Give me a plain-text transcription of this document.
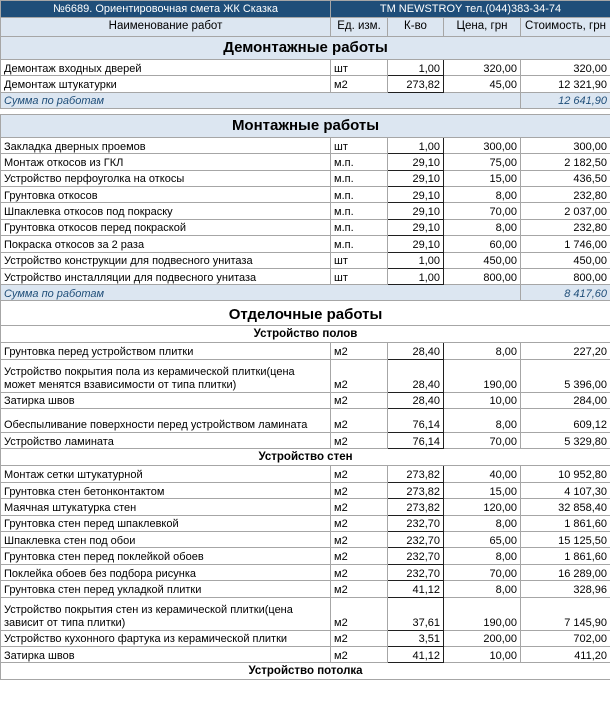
№6689. Ориентировочная смета ЖК Сказка	TM NEWSTROY тел.(044)383-34-74			
Наименование работ	Ед. изм.	К-во	Цена, грн	Стоимость, грн
Демонтажные работы				
Демонтаж входных дверей	шт	1,00	320,00	320,00
Демонтаж штукатурки	м2	273,82	45,00	12 321,90
Сумма по работам				12 641,90

Монтажные работы				
Закладка дверных проемов	шт	1,00	300,00	300,00
Монтаж откосов из ГКЛ	м.п.	29,10	75,00	2 182,50
Устройство перфоуголка на откосы	м.п.	29,10	15,00	436,50
Грунтовка откосов	м.п.	29,10	8,00	232,80
Шпаклевка откосов под покраску	м.п.	29,10	70,00	2 037,00
Грунтовка откосов перед покраской	м.п.	29,10	8,00	232,80
Покраска откосов за 2 раза	м.п.	29,10	60,00	1 746,00
Устройство конструкции для подвесного унитаза	шт	1,00	450,00	450,00
Устройство инсталляции для подвесного унитаза	шт	1,00	800,00	800,00
Сумма по работам				8 417,60
Отделочные работы				
Устройство полов				
Грунтовка перед устройством плитки	м2	28,40	8,00	227,20
Устройство покрытия пола из керамической плитки(цена может менятся взависимости от типа плитки)	м2	28,40	190,00	5 396,00
Затирка швов	м2	28,40	10,00	284,00
Обеспыливание поверхности перед устройством ламината	м2	76,14	8,00	609,12
Устройство ламината	м2	76,14	70,00	5 329,80
Устройство стен				
Монтаж сетки штукатурной	м2	273,82	40,00	10 952,80
Грунтовка стен бетонконтактом	м2	273,82	15,00	4 107,30
Маячная штукатурка стен	м2	273,82	120,00	32 858,40
Грунтовка стен перед шпаклевкой	м2	232,70	8,00	1 861,60
Шпаклевка стен под обои	м2	232,70	65,00	15 125,50
Грунтовка стен перед поклейкой обоев	м2	232,70	8,00	1 861,60
Поклейка обоев без подбора рисунка	м2	232,70	70,00	16 289,00
Грунтовка стен перед укладкой плитки	м2	41,12	8,00	328,96
Устройство покрытия стен из керамической плитки(цена зависит от типа плитки)	м2	37,61	190,00	7 145,90
Устройство кухонного фартука из керамической плитки	м2	3,51	200,00	702,00
Затирка швов	м2	41,12	10,00	411,20
Устройство потолка				
